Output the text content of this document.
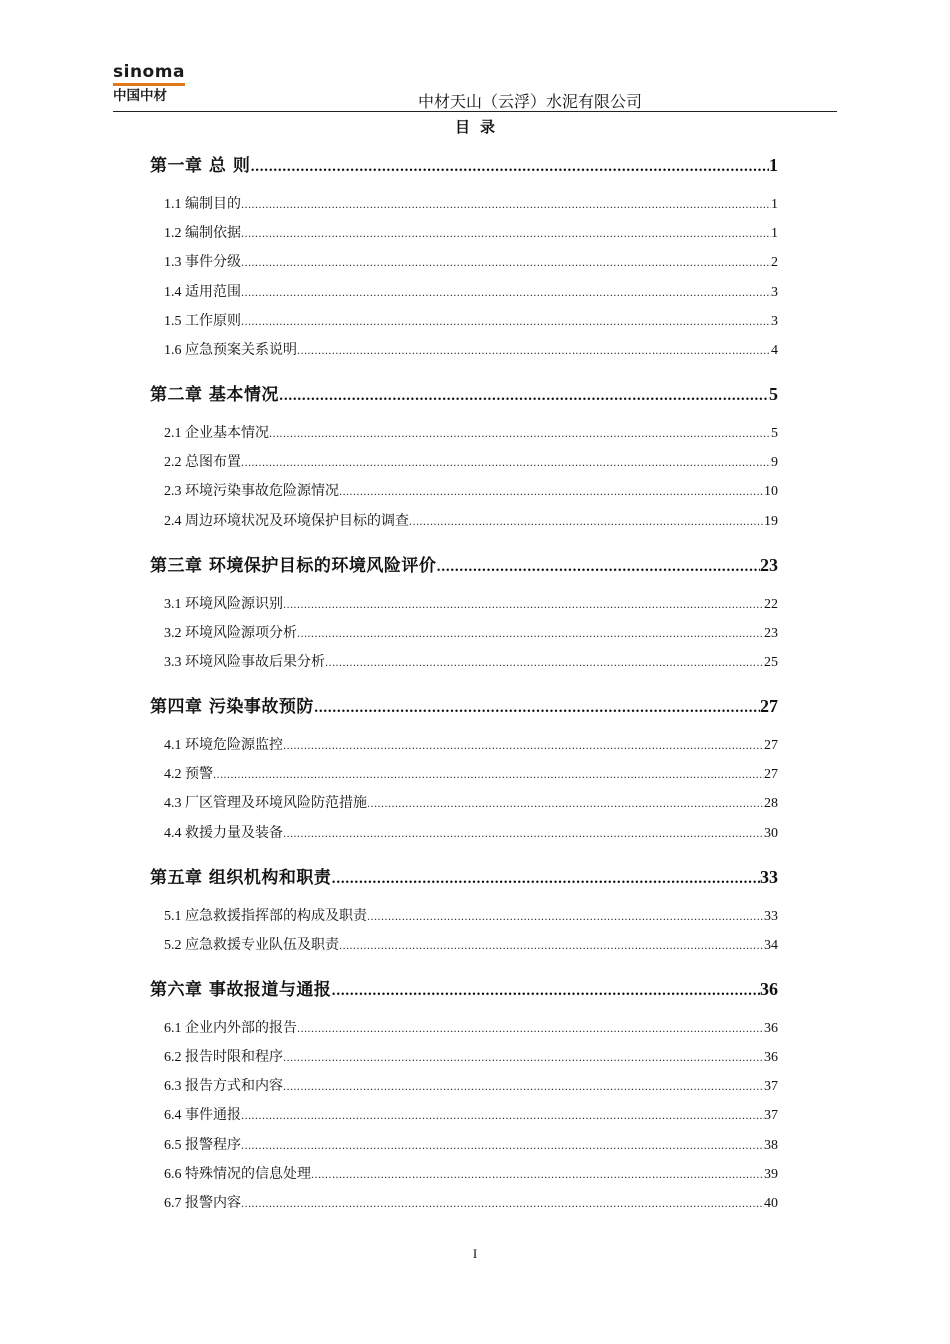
sinoma
中国中材	中材天山（云浮）水泥有限公司
目录
第一章 总 则 .....	1
1.1 编制目的 .....	1
1.2 编制依据 .....	1
1.3 事件分级 .....	2
1.4 适用范围 .....	3
1.5 工作原则 .....	3
1.6 应急预案关系说明 .....	4
第二章 基本情况 .....	5
2.1 企业基本情况 .....	5
2.2 总图布置 .....	9
2.3 环境污染事故危险源情况 .....	10
2.4 周边环境状况及环境保护目标的调查 .....	19
第三章 环境保护目标的环境风险评价 .....	23
3.1 环境风险源识别 .....	22
3.2 环境风险源项分析 .....	23
3.3 环境风险事故后果分析 .....	25
第四章 污染事故预防 .....	27
4.1 环境危险源监控 .....	27
4.2 预警 .....	27
4.3 厂区管理及环境风险防范措施 .....	28
4.4 救援力量及装备 .....	30
第五章 组织机构和职责 .....	33
5.1 应急救援指挥部的构成及职责 .....	33
5.2 应急救援专业队伍及职责 .....	34
第六章 事故报道与通报 .....	36
6.1 企业内外部的报告 .....	36
6.2 报告时限和程序 .....	36
6.3 报告方式和内容 .....	37
6.4 事件通报 .....	37
6.5 报警程序 .....	38
6.6 特殊情况的信息处理 .....	39
6.7 报警内容 .....	40
I
